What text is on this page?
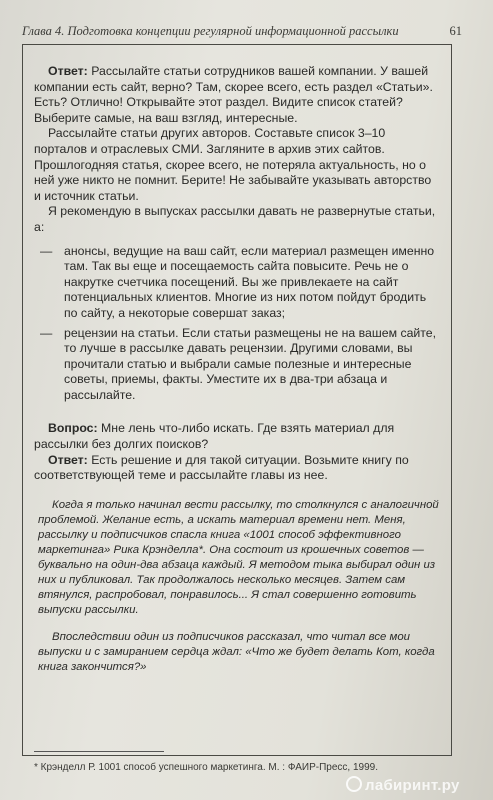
Глава 4. Подготовка концепции регулярной информационной рассылки	61

Ответ: Рассылайте статьи сотрудников вашей компании. У вашей компании есть сайт, верно? Там, скорее всего, есть раздел «Статьи». Есть? Отлично! Открывайте этот раздел. Видите список статей? Выберите самые, на ваш взгляд, интересные.

Рассылайте статьи других авторов. Составьте список 3–10 порталов и отраслевых СМИ. Загляните в архив этих сайтов. Прошлогодняя статья, скорее всего, не потеряла актуальность, но о ней уже никто не помнит. Берите! Не забывайте указывать авторство и источник статьи.

Я рекомендую в выпусках рассылки давать не развернутые статьи, а:

— анонсы, ведущие на ваш сайт, если материал размещен именно там. Так вы еще и посещаемость сайта повысите. Речь не о накрутке счетчика посещений. Вы же привлекаете на сайт потенциальных клиентов. Многие из них потом пойдут бродить по сайту, а некоторые совершат заказ;
— рецензии на статьи. Если статьи размещены не на вашем сайте, то лучше в рассылке давать рецензии. Другими словами, вы прочитали статью и выбрали самые полезные и интересные советы, приемы, факты. Уместите их в два-три абзаца и рассылайте.

Вопрос: Мне лень что-либо искать. Где взять материал для рассылки без долгих поисков?

Ответ: Есть решение и для такой ситуации. Возьмите книгу по соответствующей теме и рассылайте главы из нее.

Когда я только начинал вести рассылку, то столкнулся с аналогичной проблемой. Желание есть, а искать материал времени нет. Меня, рассылку и подписчиков спасла книга «1001 способ эффективного маркетинга» Рика Крэнделла*. Она состоит из крошечных советов — буквально на один-два абзаца каждый. Я методом тыка выбирал один из них и публиковал. Так продолжалось несколько месяцев. Затем сам втянулся, распробовал, понравилось... Я стал совершенно готовить выпуски рассылки.

Впоследствии один из подписчиков рассказал, что читал все мои выпуски и с замиранием сердца ждал: «Что же будет делать Кот, когда книга закончится?»

* Крэнделл Р. 1001 способ успешного маркетинга. М. : ФАИР-Пресс, 1999.
лабиринт.ру
